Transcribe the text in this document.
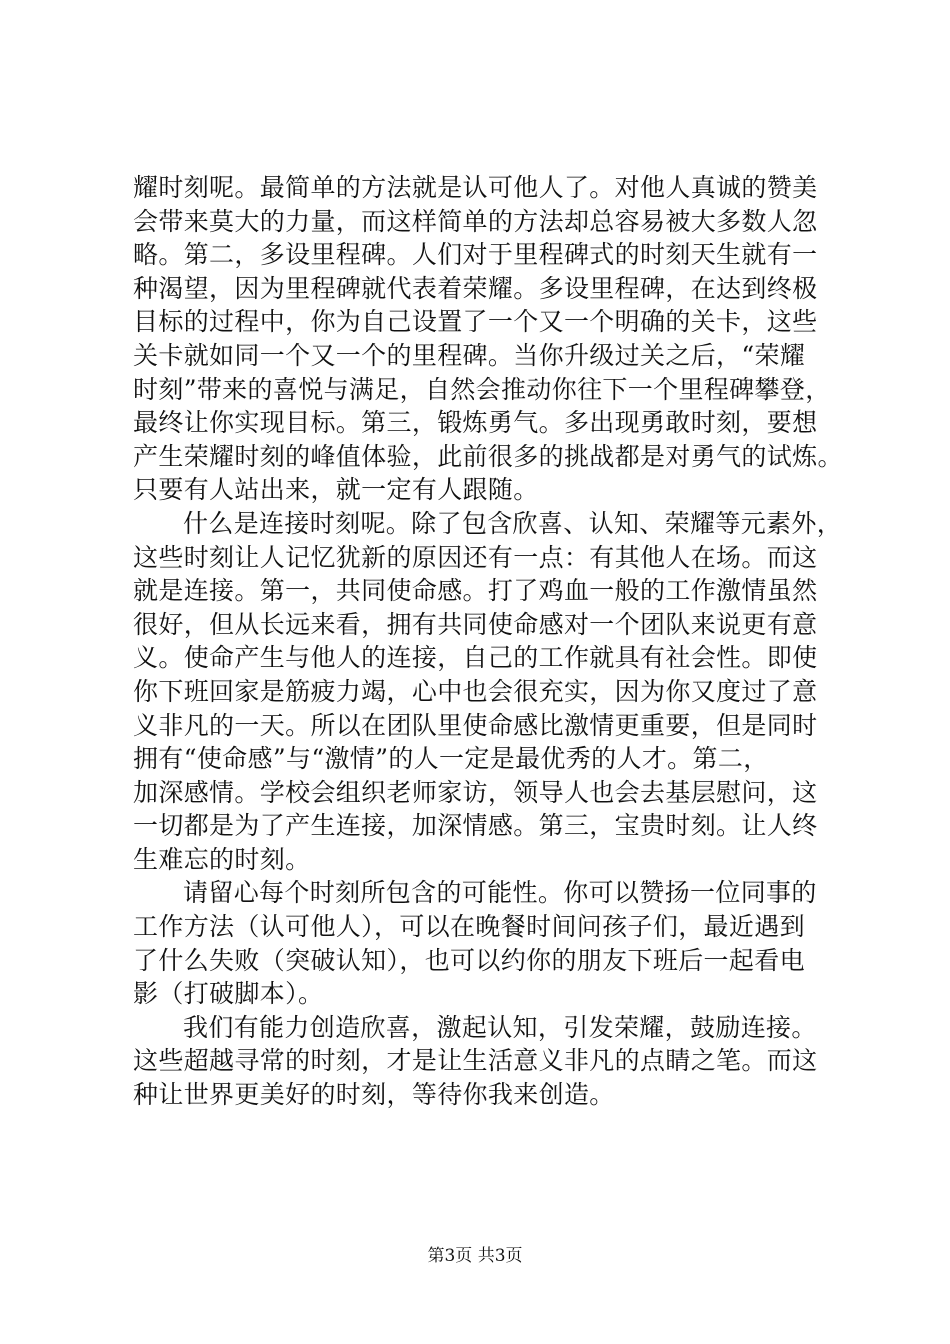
耀时刻呢。最简单的方法就是认可他人了。对他人真诚的赞美
会带来莫大的力量，而这样简单的方法却总容易被大多数人忽
略。第二，多设里程碑。人们对于里程碑式的时刻天生就有一
种渴望，因为里程碑就代表着荣耀。多设里程碑，在达到终极
目标的过程中，你为自己设置了一个又一个明确的关卡，这些
关卡就如同一个又一个的里程碑。当你升级过关之后，“荣耀
时刻”带来的喜悦与满足，自然会推动你往下一个里程碑攀登，
最终让你实现目标。第三，锻炼勇气。多出现勇敢时刻，要想
产生荣耀时刻的峰值体验，此前很多的挑战都是对勇气的试炼。
只要有人站出来，就一定有人跟随。
什么是连接时刻呢。除了包含欣喜、认知、荣耀等元素外，
这些时刻让人记忆犹新的原因还有一点：有其他人在场。而这
就是连接。第一，共同使命感。打了鸡血一般的工作激情虽然
很好，但从长远来看，拥有共同使命感对一个团队来说更有意
义。使命产生与他人的连接，自己的工作就具有社会性。即使
你下班回家是筋疲力竭，心中也会很充实，因为你又度过了意
义非凡的一天。所以在团队里使命感比激情更重要，但是同时
拥有“使命感”与“激情”的人一定是最优秀的人才。第二，
加深感情。学校会组织老师家访，领导人也会去基层慰问，这
一切都是为了产生连接，加深情感。第三，宝贵时刻。让人终
生难忘的时刻。
请留心每个时刻所包含的可能性。你可以赞扬一位同事的
工作方法（认可他人），可以在晚餐时间问孩子们，最近遇到
了什么失败（突破认知），也可以约你的朋友下班后一起看电
影（打破脚本）。
我们有能力创造欣喜，激起认知，引发荣耀，鼓励连接。
这些超越寻常的时刻，才是让生活意义非凡的点睛之笔。而这
种让世界更美好的时刻，等待你我来创造。
第3页 共3页
